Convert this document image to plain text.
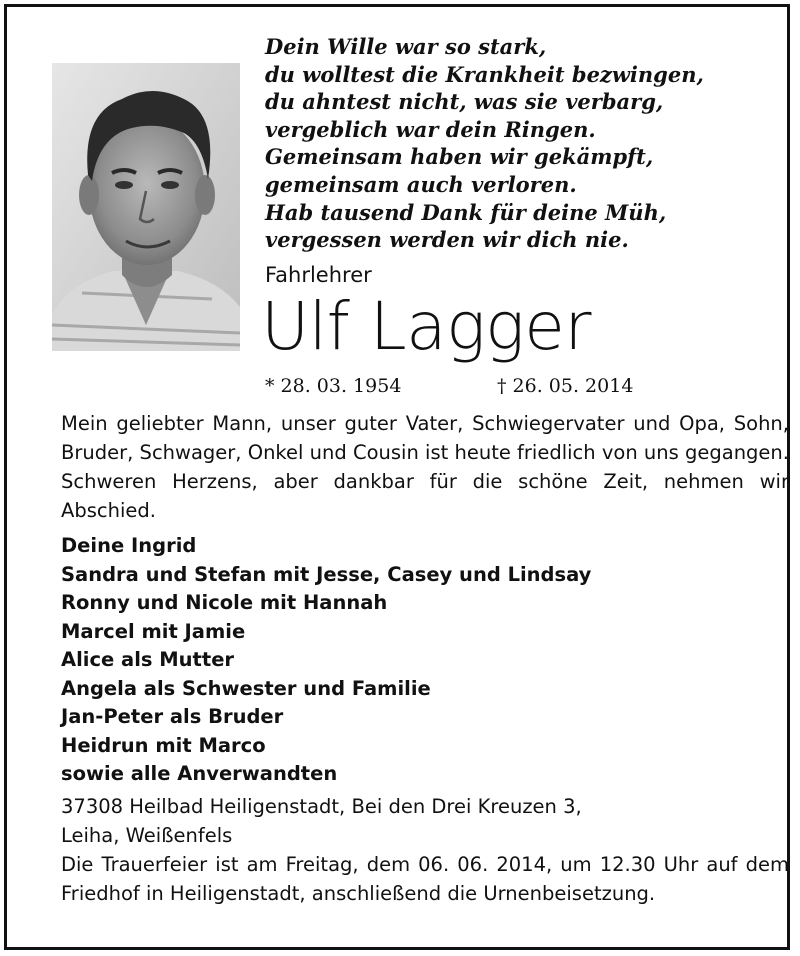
Dein Wille war so stark,
du wolltest die Krankheit bezwingen,
du ahntest nicht, was sie verbarg,
vergeblich war dein Ringen.
Gemeinsam haben wir gekämpft,
gemeinsam auch verloren.
Hab tausend Dank für deine Müh,
vergessen werden wir dich nie.
Fahrlehrer
Ulf Lagger
* 28. 03. 1954	† 26. 05. 2014
Mein geliebter Mann, unser guter Vater, Schwiegervater und Opa, Sohn, Bruder, Schwager, Onkel und Cousin ist heute friedlich von uns gegangen. Schweren Herzens, aber dankbar für die schöne Zeit, nehmen wir Abschied.
Deine Ingrid
Sandra und Stefan mit Jesse, Casey und Lindsay
Ronny und Nicole mit Hannah
Marcel mit Jamie
Alice als Mutter
Angela als Schwester und Familie
Jan-Peter als Bruder
Heidrun mit Marco
sowie alle Anverwandten
37308 Heilbad Heiligenstadt, Bei den Drei Kreuzen 3,
Leiha, Weißenfels
Die Trauerfeier ist am Freitag, dem 06. 06. 2014, um 12.30 Uhr auf dem Friedhof in Heiligenstadt, anschließend die Urnenbeisetzung.
